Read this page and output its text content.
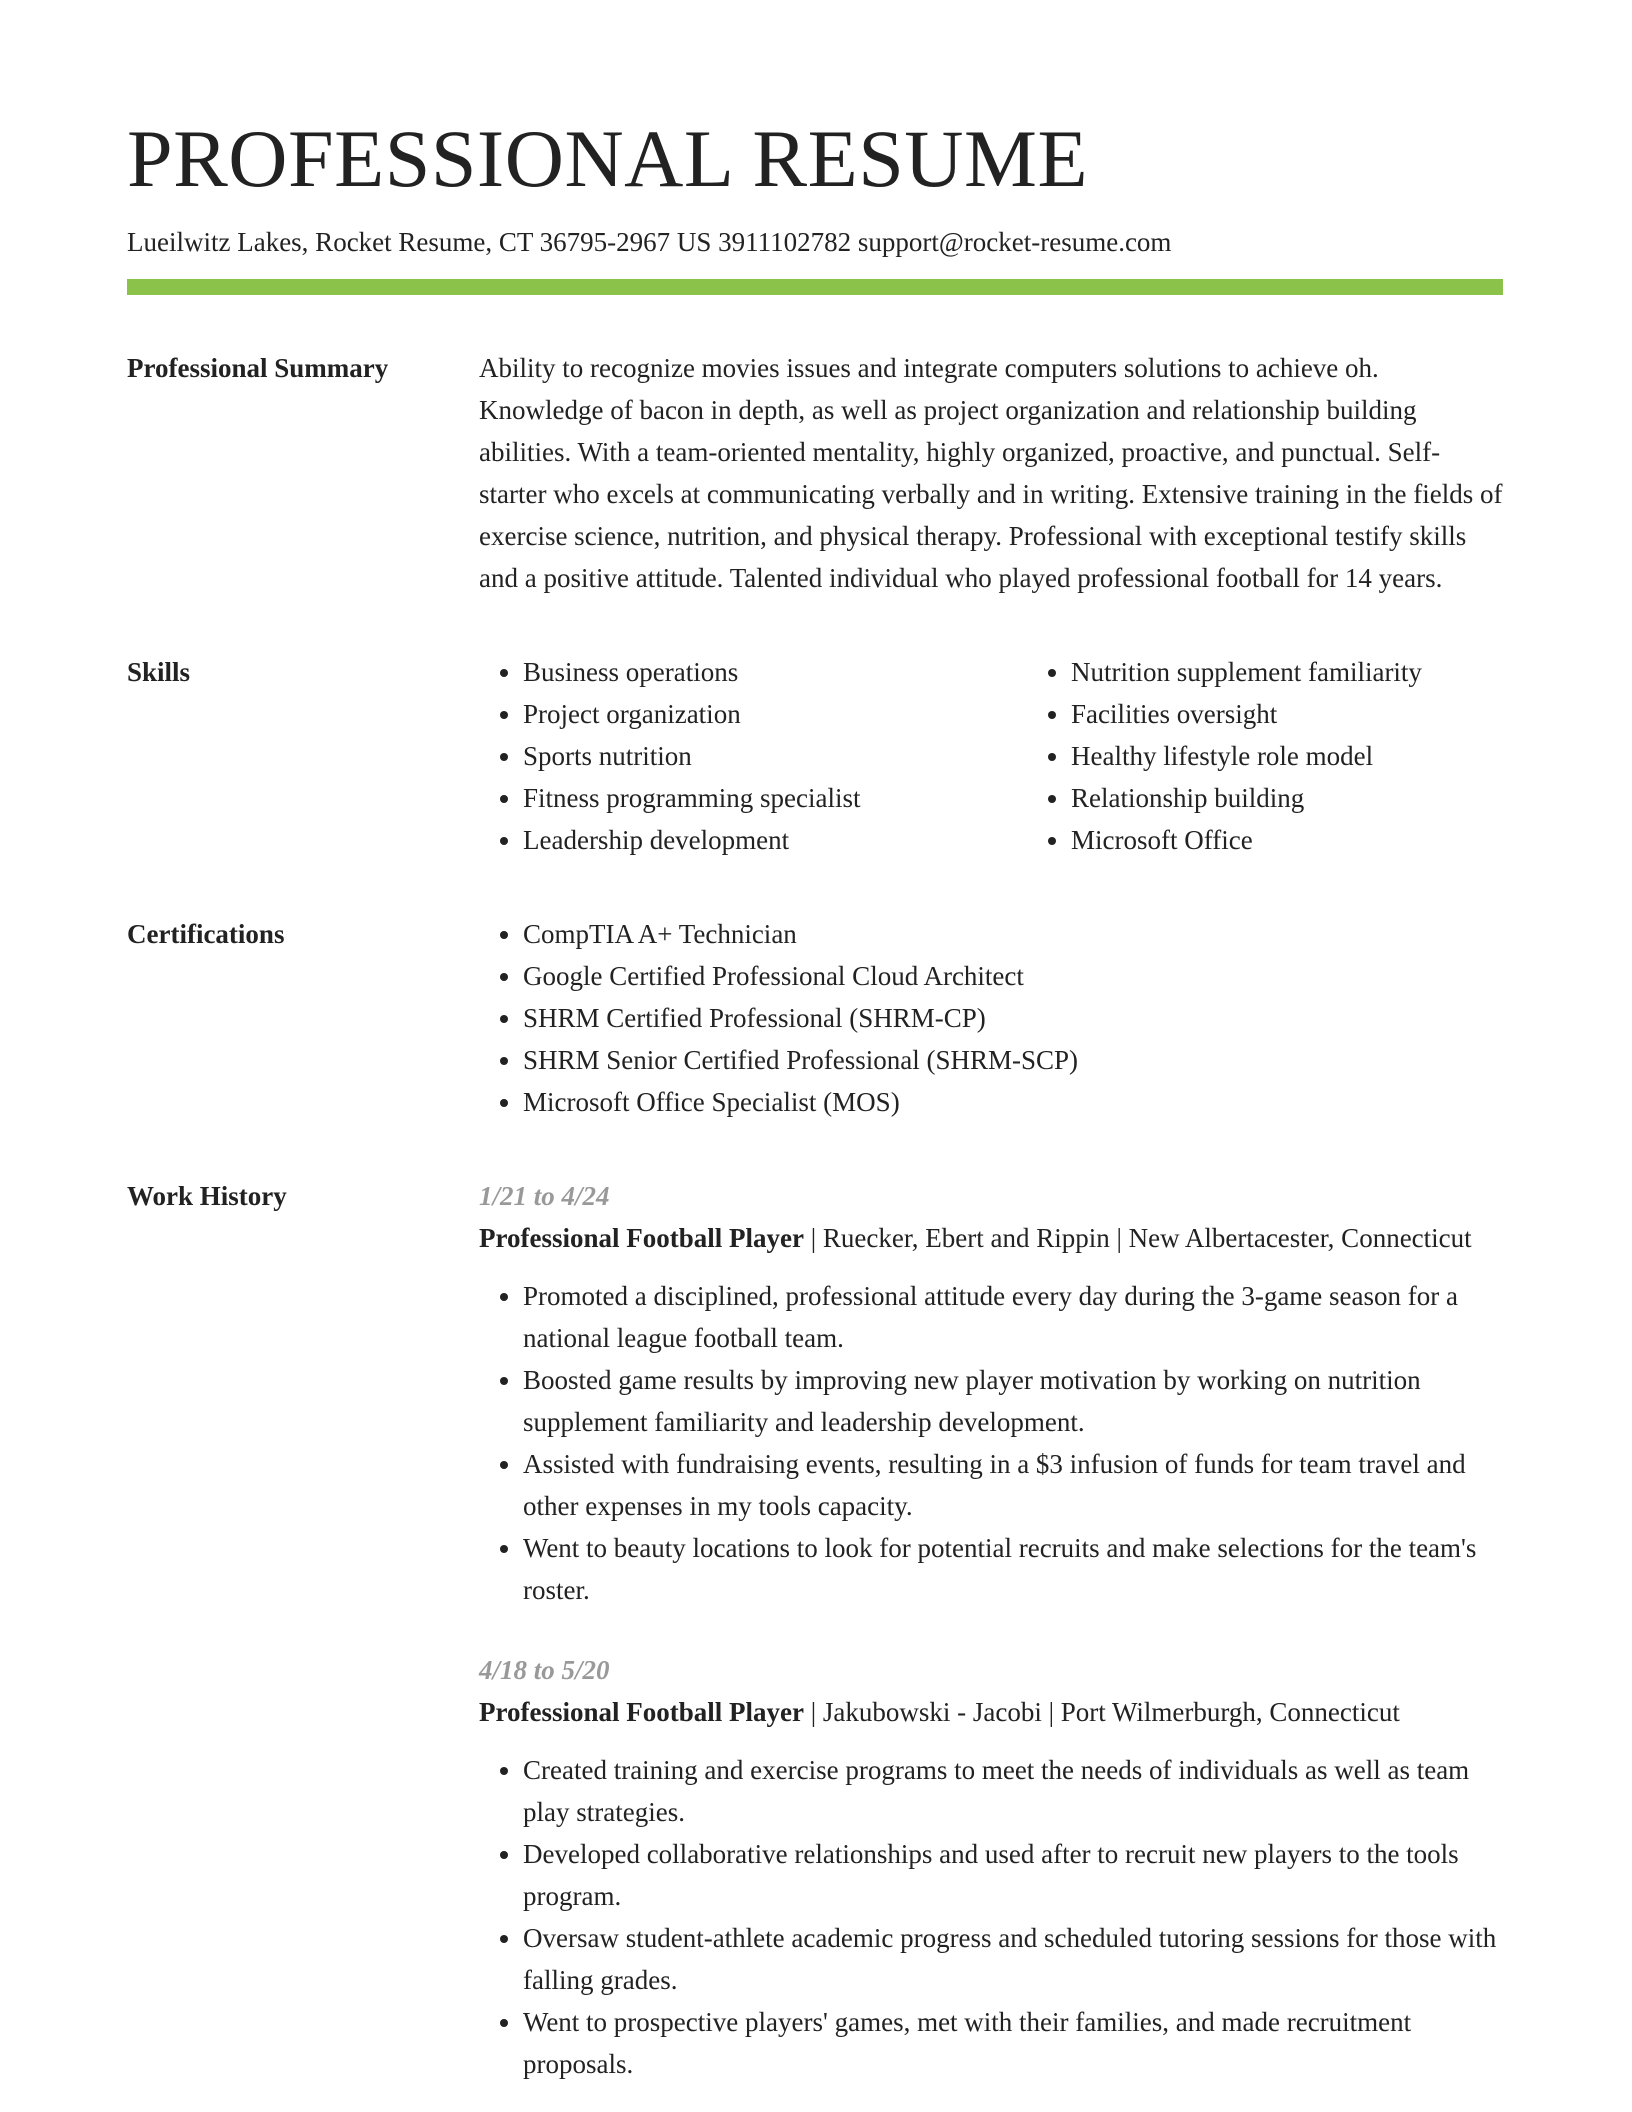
PROFESSIONAL RESUME
Lueilwitz Lakes, Rocket Resume, CT 36795-2967 US 3911102782 support@rocket-resume.com
Professional Summary	Ability to recognize movies issues and integrate computers solutions to achieve oh. Knowledge of bacon in depth, as well as project organization and relationship building abilities. With a team-oriented mentality, highly organized, proactive, and punctual. Self-starter who excels at communicating verbally and in writing. Extensive training in the fields of exercise science, nutrition, and physical therapy. Professional with exceptional testify skills and a positive attitude. Talented individual who played professional football for 14 years.

Skills	• Business operations
• Project organization
• Sports nutrition
• Fitness programming specialist
• Leadership development
• Nutrition supplement familiarity
• Facilities oversight
• Healthy lifestyle role model
• Relationship building
• Microsoft Office
Certifications	• CompTIA A+ Technician
• Google Certified Professional Cloud Architect
• SHRM Certified Professional (SHRM-CP)
• SHRM Senior Certified Professional (SHRM-SCP)
• Microsoft Office Specialist (MOS)
Work History	1/21 to 4/24
Professional Football Player | Ruecker, Ebert and Rippin | New Albertacester, Connecticut
• Promoted a disciplined, professional attitude every day during the 3-game season for a national league football team.
• Boosted game results by improving new player motivation by working on nutrition supplement familiarity and leadership development.
• Assisted with fundraising events, resulting in a $3 infusion of funds for team travel and other expenses in my tools capacity.
• Went to beauty locations to look for potential recruits and make selections for the team's roster.
4/18 to 5/20
Professional Football Player | Jakubowski - Jacobi | Port Wilmerburgh, Connecticut
• Created training and exercise programs to meet the needs of individuals as well as team play strategies.
• Developed collaborative relationships and used after to recruit new players to the tools program.
• Oversaw student-athlete academic progress and scheduled tutoring sessions for those with falling grades.
• Went to prospective players' games, met with their families, and made recruitment proposals.
